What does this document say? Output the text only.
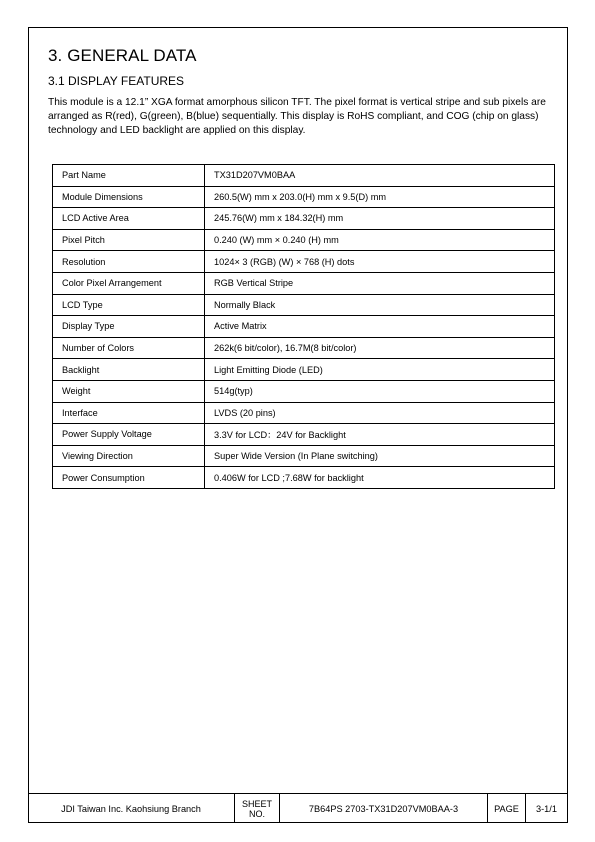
3. GENERAL DATA
3.1 DISPLAY FEATURES

This module is a 12.1” XGA format amorphous silicon TFT. The pixel format is vertical stripe and sub pixels are arranged as R(red), G(green), B(blue) sequentially. This display is RoHS compliant, and COG (chip on glass) technology and LED backlight are applied on this display.

Part Name	TX31D207VM0BAA
Module Dimensions	260.5(W) mm x 203.0(H) mm x 9.5(D) mm
LCD Active Area	245.76(W) mm x 184.32(H) mm
Pixel Pitch	0.240 (W) mm × 0.240 (H) mm
Resolution	1024× 3 (RGB) (W) × 768 (H) dots
Color Pixel Arrangement	RGB Vertical Stripe
LCD Type	Normally Black
Display Type	Active Matrix
Number of Colors	262k(6 bit/color), 16.7M(8 bit/color)
Backlight	Light Emitting Diode (LED)
Weight	514g(typ)
Interface	LVDS (20 pins)
Power Supply Voltage	3.3V for LCD：24V for Backlight
Viewing Direction	Super Wide Version (In Plane switching)
Power Consumption	0.406W for LCD ;7.68W for backlight
JDI Taiwan Inc. Kaohsiung Branch	SHEET
NO.	7B64PS 2703-TX31D207VM0BAA-3	PAGE	3-1/1
